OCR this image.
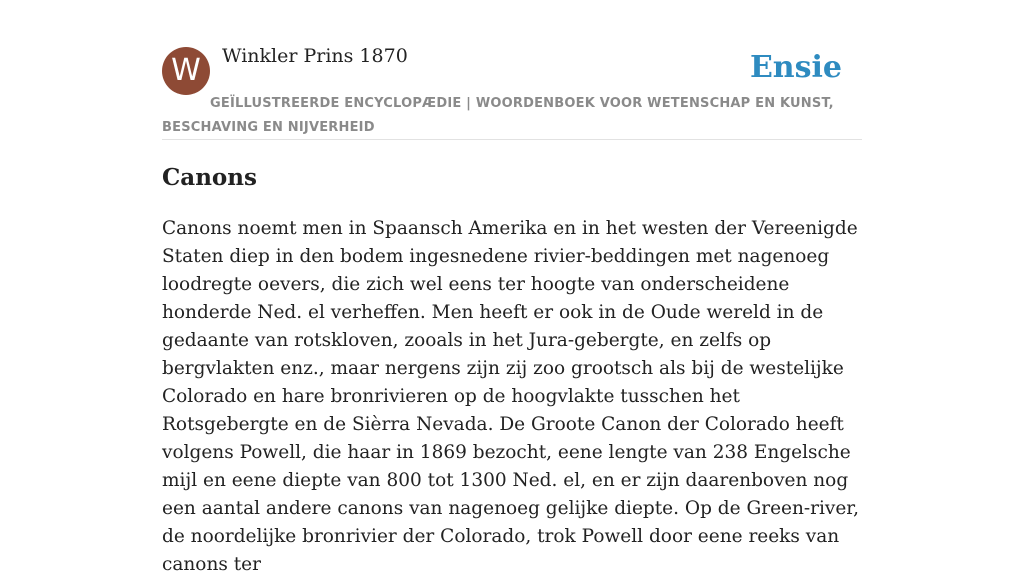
W	Winkler Prins 1870	Ensie
GEÏLLUSTREERDE ENCYCLOPÆDIE | WOORDENBOEK VOOR WETENSCHAP EN KUNST, BESCHAVING EN NIJVERHEID
Canons

Canons noemt men in Spaansch Amerika en in het westen der Vereenigde Staten diep in den bodem ingesnedene rivier-beddingen met nagenoeg loodregte oevers, die zich wel eens ter hoogte van onderscheidene honderde Ned. el verheffen. Men heeft er ook in de Oude wereld in de gedaante van rotskloven, zooals in het Jura-gebergte, en zelfs op bergvlakten enz., maar nergens zijn zij zoo grootsch als bij de westelijke Colorado en hare bronrivieren op de hoogvlakte tusschen het Rotsgebergte en de Sièrra Nevada. De Groote Canon der Colorado heeft volgens Powell, die haar in 1869 bezocht, eene lengte van 238 Engelsche mijl en eene diepte van 800 tot 1300 Ned. el, en er zijn daarenboven nog een aantal andere canons van nagenoeg gelijke diepte. Op de Green-river, de noordelijke bronrivier der Colorado, trok Powell door eene reeks van canons ter
